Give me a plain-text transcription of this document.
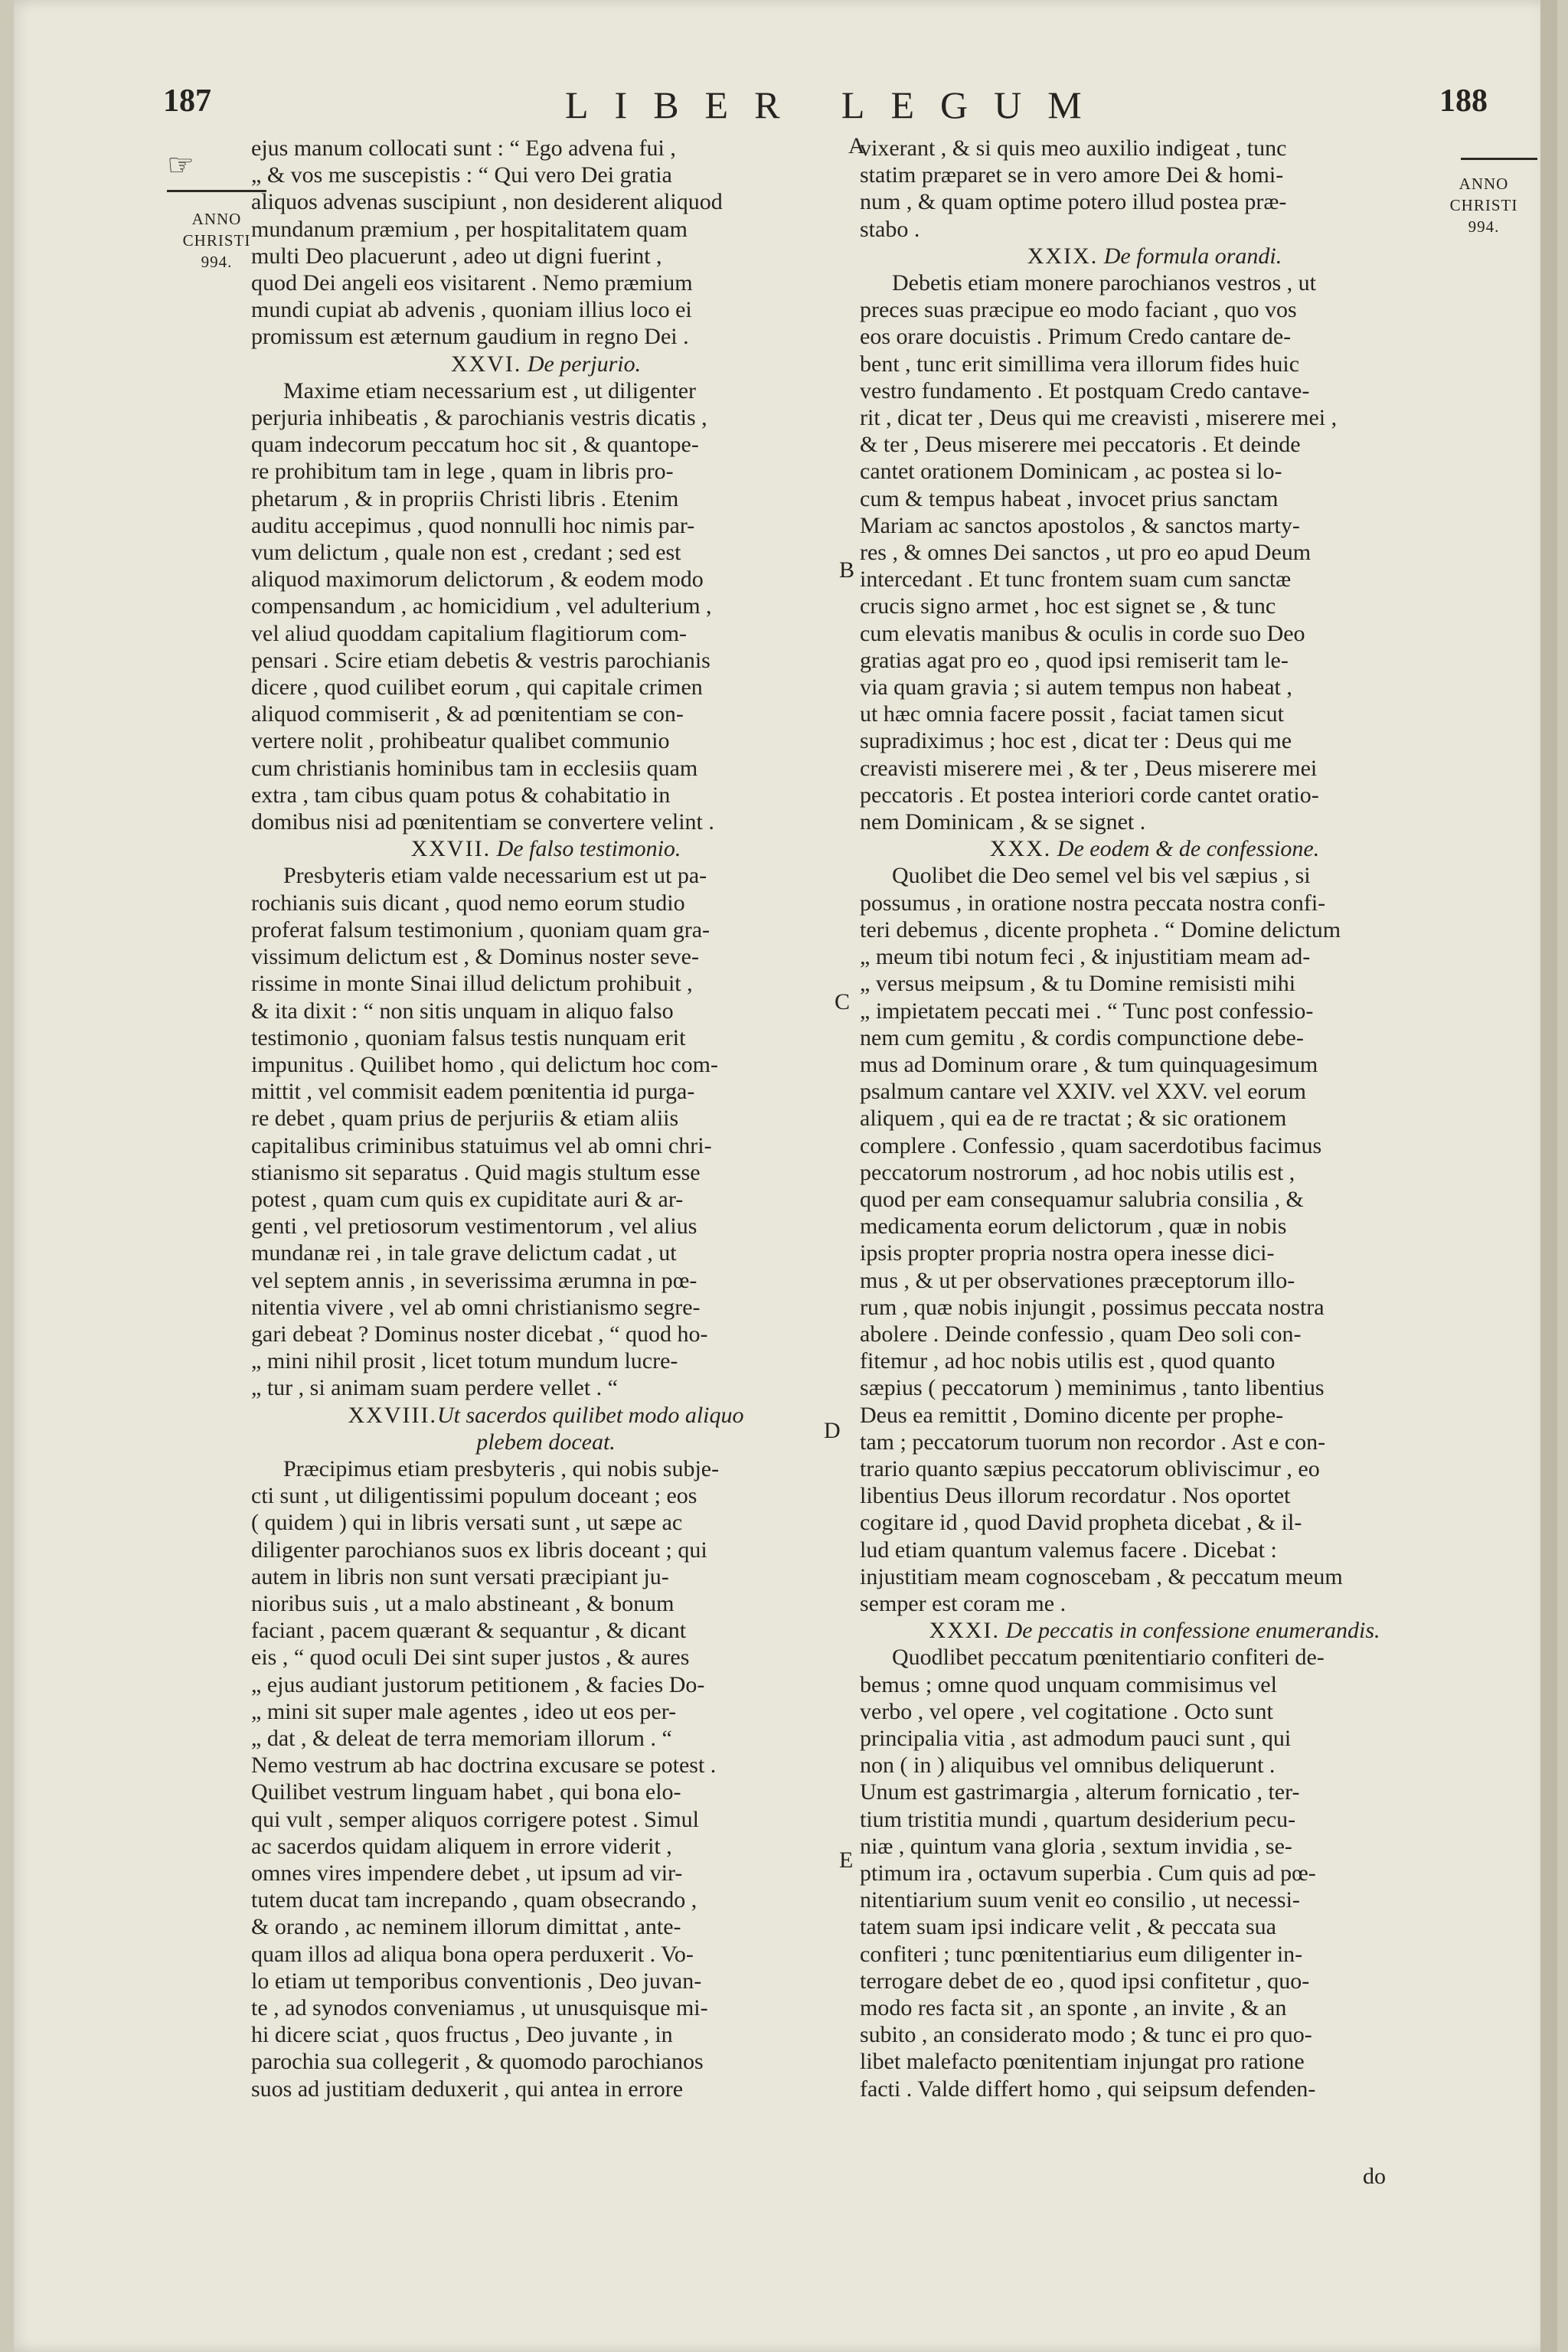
187	LIBER LEGUM	188
☞
ANNO
CHRISTI
994.
ANNO
CHRISTI
994.
A
B
C
D
E

ejus manum collocati sunt : “ Ego advena fui ,
„ & vos me suscepistis : “ Qui vero Dei gratia
aliquos advenas suscipiunt , non desiderent aliquod
mundanum præmium , per hospitalitatem quam
multi Deo placuerunt , adeo ut digni fuerint ,
quod Dei angeli eos visitarent . Nemo præmium
mundi cupiat ab advenis , quoniam illius loco ei
promissum est æternum gaudium in regno Dei .

XXVI. De perjurio.

Maxime etiam necessarium est , ut diligenter
perjuria inhibeatis , & parochianis vestris dicatis ,
quam indecorum peccatum hoc sit , & quantope-
re prohibitum tam in lege , quam in libris pro-
phetarum , & in propriis Christi libris . Etenim
auditu accepimus , quod nonnulli hoc nimis par-
vum delictum , quale non est , credant ; sed est
aliquod maximorum delictorum , & eodem modo
compensandum , ac homicidium , vel adulterium ,
vel aliud quoddam capitalium flagitiorum com-
pensari . Scire etiam debetis & vestris parochianis
dicere , quod cuilibet eorum , qui capitale crimen
aliquod commiserit , & ad pœnitentiam se con-
vertere nolit , prohibeatur qualibet communio
cum christianis hominibus tam in ecclesiis quam
extra , tam cibus quam potus & cohabitatio in
domibus nisi ad pœnitentiam se convertere velint .

XXVII. De falso testimonio.

Presbyteris etiam valde necessarium est ut pa-
rochianis suis dicant , quod nemo eorum studio
proferat falsum testimonium , quoniam quam gra-
vissimum delictum est , & Dominus noster seve-
rissime in monte Sinai illud delictum prohibuit ,
& ita dixit : “ non sitis unquam in aliquo falso
testimonio , quoniam falsus testis nunquam erit
impunitus . Quilibet homo , qui delictum hoc com-
mittit , vel commisit eadem pœnitentia id purga-
re debet , quam prius de perjuriis & etiam aliis
capitalibus criminibus statuimus vel ab omni chri-
stianismo sit separatus . Quid magis stultum esse
potest , quam cum quis ex cupiditate auri & ar-
genti , vel pretiosorum vestimentorum , vel alius
mundanæ rei , in tale grave delictum cadat , ut
vel septem annis , in severissima ærumna in pœ-
nitentia vivere , vel ab omni christianismo segre-
gari debeat ? Dominus noster dicebat , “ quod ho-
„ mini nihil prosit , licet totum mundum lucre-
„ tur , si animam suam perdere vellet . “

XXVIII.Ut sacerdos quilibet modo aliquo
plebem doceat.

Præcipimus etiam presbyteris , qui nobis subje-
cti sunt , ut diligentissimi populum doceant ; eos
( quidem ) qui in libris versati sunt , ut sæpe ac
diligenter parochianos suos ex libris doceant ; qui
autem in libris non sunt versati præcipiant ju-
nioribus suis , ut a malo abstineant , & bonum
faciant , pacem quærant & sequantur , & dicant
eis , “ quod oculi Dei sint super justos , & aures
„ ejus audiant justorum petitionem , & facies Do-
„ mini sit super male agentes , ideo ut eos per-
„ dat , & deleat de terra memoriam illorum . “
Nemo vestrum ab hac doctrina excusare se potest .
Quilibet vestrum linguam habet , qui bona elo-
qui vult , semper aliquos corrigere potest . Simul
ac sacerdos quidam aliquem in errore viderit ,
omnes vires impendere debet , ut ipsum ad vir-
tutem ducat tam increpando , quam obsecrando ,
& orando , ac neminem illorum dimittat , ante-
quam illos ad aliqua bona opera perduxerit . Vo-
lo etiam ut temporibus conventionis , Deo juvan-
te , ad synodos conveniamus , ut unusquisque mi-
hi dicere sciat , quos fructus , Deo juvante , in
parochia sua collegerit , & quomodo parochianos
suos ad justitiam deduxerit , qui antea in errore

vixerant , & si quis meo auxilio indigeat , tunc
statim præparet se in vero amore Dei & homi-
num , & quam optime potero illud postea præ-
stabo .

XXIX. De formula orandi.

Debetis etiam monere parochianos vestros , ut
preces suas præcipue eo modo faciant , quo vos
eos orare docuistis . Primum Credo cantare de-
bent , tunc erit simillima vera illorum fides huic
vestro fundamento . Et postquam Credo cantave-
rit , dicat ter , Deus qui me creavisti , miserere mei ,
& ter , Deus miserere mei peccatoris . Et deinde
cantet orationem Dominicam , ac postea si lo-
cum & tempus habeat , invocet prius sanctam
Mariam ac sanctos apostolos , & sanctos marty-
res , & omnes Dei sanctos , ut pro eo apud Deum
intercedant . Et tunc frontem suam cum sanctæ
crucis signo armet , hoc est signet se , & tunc
cum elevatis manibus & oculis in corde suo Deo
gratias agat pro eo , quod ipsi remiserit tam le-
via quam gravia ; si autem tempus non habeat ,
ut hæc omnia facere possit , faciat tamen sicut
supradiximus ; hoc est , dicat ter : Deus qui me
creavisti miserere mei , & ter , Deus miserere mei
peccatoris . Et postea interiori corde cantet oratio-
nem Dominicam , & se signet .

XXX. De eodem & de confessione.

Quolibet die Deo semel vel bis vel sæpius , si
possumus , in oratione nostra peccata nostra confi-
teri debemus , dicente propheta . “ Domine delictum
„ meum tibi notum feci , & injustitiam meam ad-
„ versus meipsum , & tu Domine remisisti mihi
„ impietatem peccati mei . “ Tunc post confessio-
nem cum gemitu , & cordis compunctione debe-
mus ad Dominum orare , & tum quinquagesimum
psalmum cantare vel XXIV. vel XXV. vel eorum
aliquem , qui ea de re tractat ; & sic orationem
complere . Confessio , quam sacerdotibus facimus
peccatorum nostrorum , ad hoc nobis utilis est ,
quod per eam consequamur salubria consilia , &
medicamenta eorum delictorum , quæ in nobis
ipsis propter propria nostra opera inesse dici-
mus , & ut per observationes præceptorum illo-
rum , quæ nobis injungit , possimus peccata nostra
abolere . Deinde confessio , quam Deo soli con-
fitemur , ad hoc nobis utilis est , quod quanto
sæpius ( peccatorum ) meminimus , tanto libentius
Deus ea remittit , Domino dicente per prophe-
tam ; peccatorum tuorum non recordor . Ast e con-
trario quanto sæpius peccatorum obliviscimur , eo
libentius Deus illorum recordatur . Nos oportet
cogitare id , quod David propheta dicebat , & il-
lud etiam quantum valemus facere . Dicebat :
injustitiam meam cognoscebam , & peccatum meum
semper est coram me .

XXXI. De peccatis in confessione enumerandis.

Quodlibet peccatum pœnitentiario confiteri de-
bemus ; omne quod unquam commisimus vel
verbo , vel opere , vel cogitatione . Octo sunt
principalia vitia , ast admodum pauci sunt , qui
non ( in ) aliquibus vel omnibus deliquerunt .
Unum est gastrimargia , alterum fornicatio , ter-
tium tristitia mundi , quartum desiderium pecu-
niæ , quintum vana gloria , sextum invidia , se-
ptimum ira , octavum superbia . Cum quis ad pœ-
nitentiarium suum venit eo consilio , ut necessi-
tatem suam ipsi indicare velit , & peccata sua
confiteri ; tunc pœnitentiarius eum diligenter in-
terrogare debet de eo , quod ipsi confitetur , quo-
modo res facta sit , an sponte , an invite , & an
subito , an considerato modo ; & tunc ei pro quo-
libet malefacto pœnitentiam injungat pro ratione
facti . Valde differt homo , qui seipsum defenden-

do
